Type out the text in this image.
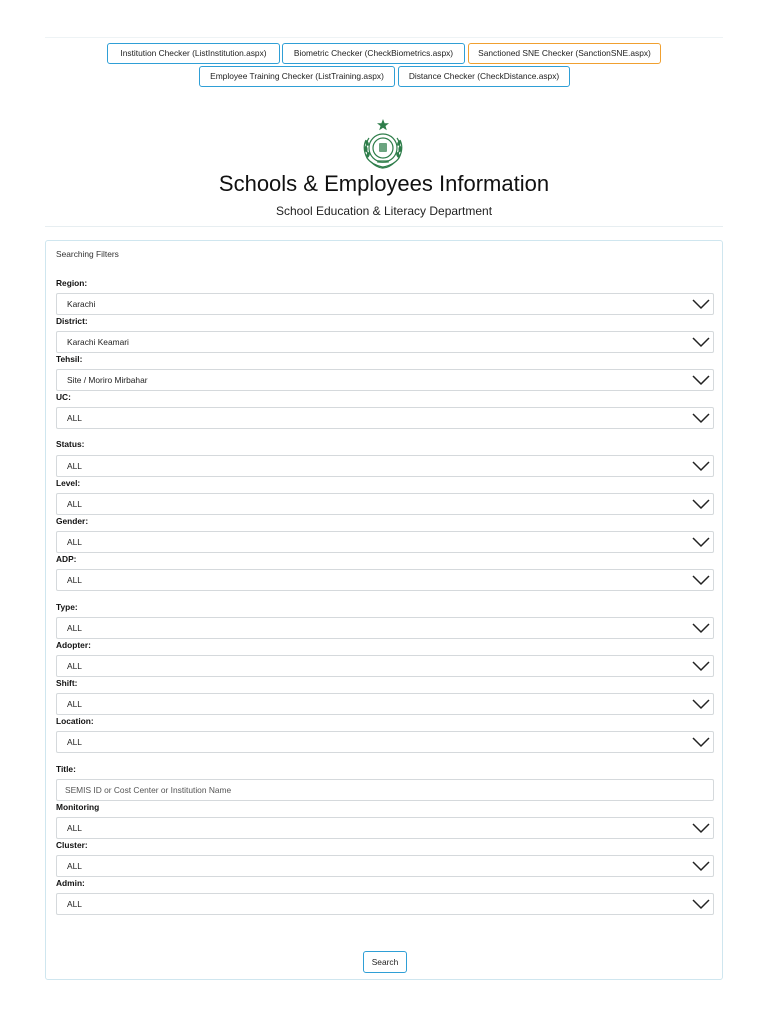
Institution Checker (ListInstitution.aspx)	Biometric Checker (CheckBiometrics.aspx)	Sanctioned SNE Checker (SanctionSNE.aspx)
Employee Training Checker (ListTraining.aspx)	Distance Checker (CheckDistance.aspx)
Schools & Employees Information
School Education & Literacy Department
Searching Filters
Region:
Karachi
District:
Karachi Keamari
Tehsil:
Site / Moriro Mirbahar
UC:
ALL
Status:
ALL
Level:
ALL
Gender:
ALL
ADP:
ALL
Type:
ALL
Adopter:
ALL
Shift:
ALL
Location:
ALL
Title:
SEMIS ID or Cost Center or Institution Name
Monitoring
ALL
Cluster:
ALL
Admin:
ALL
Search
